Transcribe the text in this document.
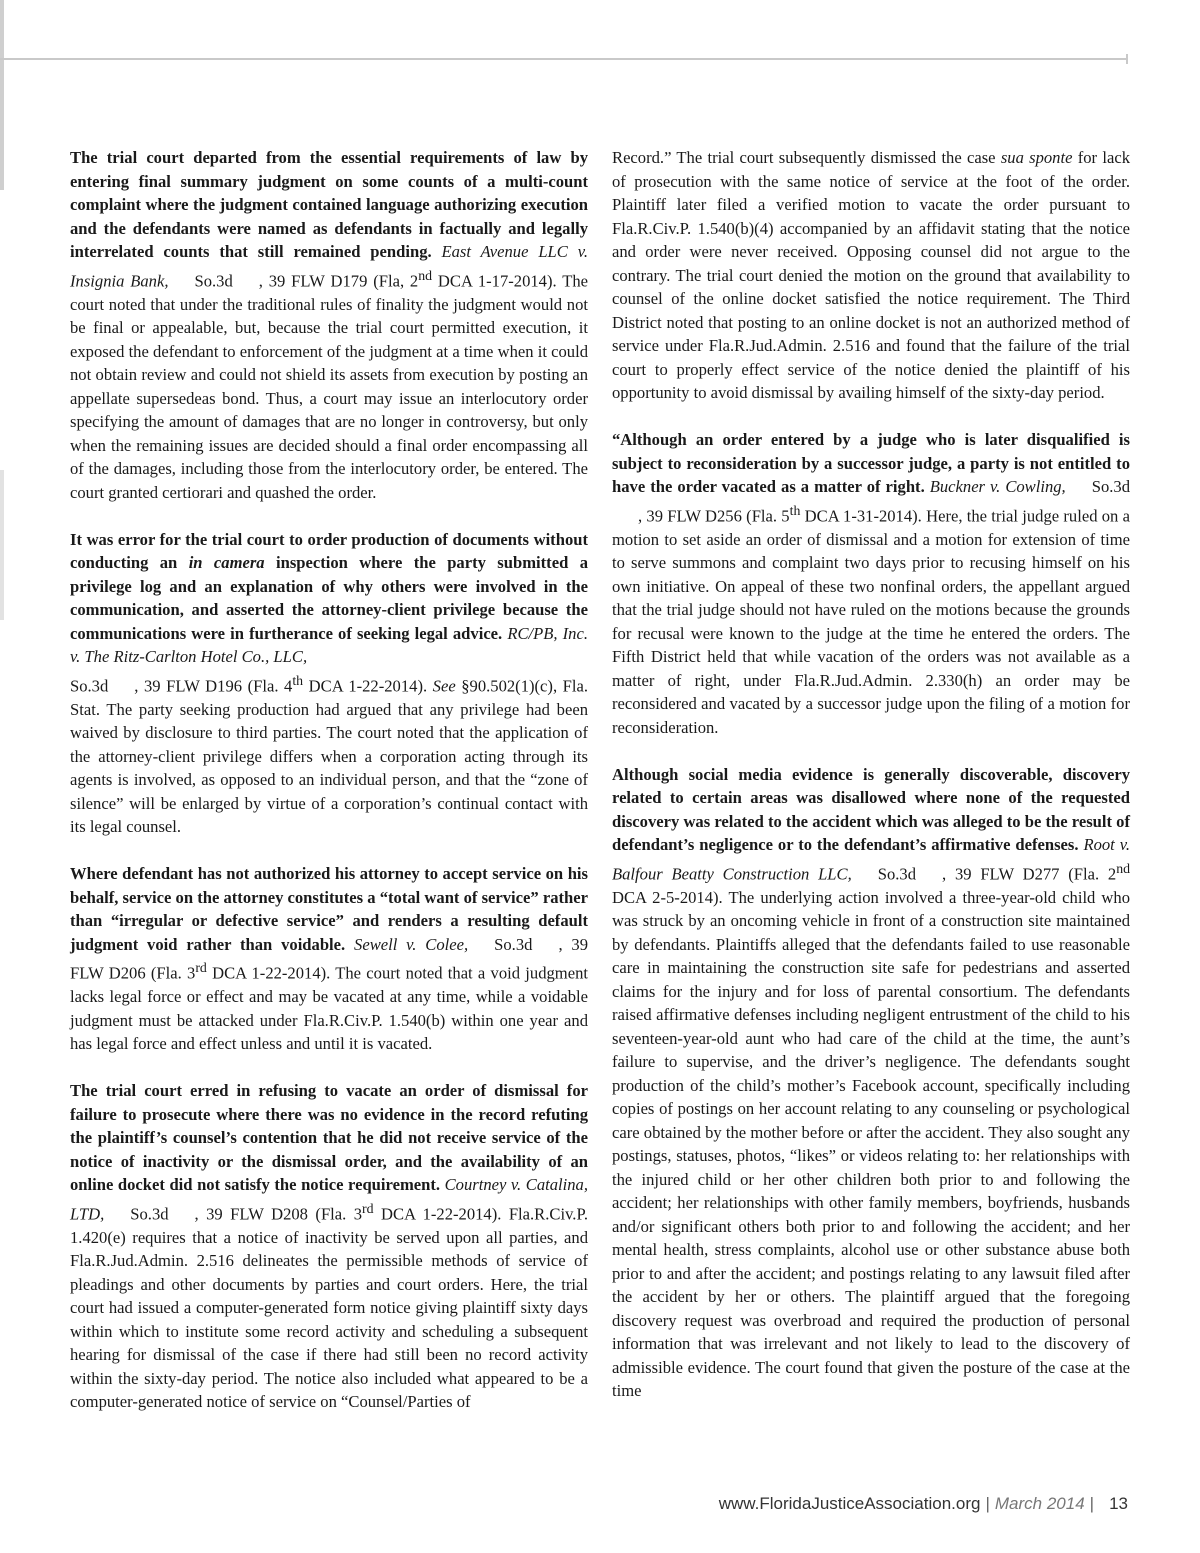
The trial court departed from the essential requirements of law by entering final summary judgment on some counts of a multi-count complaint where the judgment contained language authorizing execution and the defendants were named as defendants in factually and legally interrelated counts that still remained pending. East Avenue LLC v. Insignia Bank, So.3d , 39 FLW D179 (Fla, 2nd DCA 1-17-2014). The court noted that under the traditional rules of finality the judgment would not be final or appealable, but, because the trial court permitted execution, it exposed the defendant to enforcement of the judgment at a time when it could not obtain review and could not shield its assets from execution by posting an appellate supersedeas bond. Thus, a court may issue an interlocutory order specifying the amount of damages that are no longer in controversy, but only when the remaining issues are decided should a final order encompassing all of the damages, including those from the interlocutory order, be entered. The court granted certiorari and quashed the order.

It was error for the trial court to order production of documents without conducting an in camera inspection where the party submitted a privilege log and an explanation of why others were involved in the communication, and asserted the attorney-client privilege because the communications were in furtherance of seeking legal advice. RC/PB, Inc. v. The Ritz-Carlton Hotel Co., LLC,
So.3d , 39 FLW D196 (Fla. 4th DCA 1-22-2014). See §90.502(1)(c), Fla. Stat. The party seeking production had argued that any privilege had been waived by disclosure to third parties. The court noted that the application of the attorney-client privilege differs when a corporation acting through its agents is involved, as opposed to an individual person, and that the “zone of silence” will be enlarged by virtue of a corporation’s continual contact with its legal counsel.

Where defendant has not authorized his attorney to accept service on his behalf, service on the attorney constitutes a “total want of service” rather than “irregular or defective service” and renders a resulting default judgment void rather than voidable. Sewell v. Colee, So.3d , 39 FLW D206 (Fla. 3rd DCA 1-22-2014). The court noted that a void judgment lacks legal force or effect and may be vacated at any time, while a voidable judgment must be attacked under Fla.R.Civ.P. 1.540(b) within one year and has legal force and effect unless and until it is vacated.

The trial court erred in refusing to vacate an order of dismissal for failure to prosecute where there was no evidence in the record refuting the plaintiff’s counsel’s contention that he did not receive service of the notice of inactivity or the dismissal order, and the availability of an online docket did not satisfy the notice requirement. Courtney v. Catalina, LTD, So.3d , 39 FLW D208 (Fla. 3rd DCA 1-22-2014). Fla.R.Civ.P. 1.420(e) requires that a notice of inactivity be served upon all parties, and Fla.R.Jud.Admin. 2.516 delineates the permissible methods of service of pleadings and other documents by parties and court orders. Here, the trial court had issued a computer-generated form notice giving plaintiff sixty days within which to institute some record activity and scheduling a subsequent hearing for dismissal of the case if there had still been no record activity within the sixty-day period. The notice also included what appeared to be a computer-generated notice of service on “Counsel/Parties of

Record.” The trial court subsequently dismissed the case sua sponte for lack of prosecution with the same notice of service at the foot of the order. Plaintiff later filed a verified motion to vacate the order pursuant to Fla.R.Civ.P. 1.540(b)(4) accompanied by an affidavit stating that the notice and order were never received. Opposing counsel did not argue to the contrary. The trial court denied the motion on the ground that availability to counsel of the online docket satisfied the notice requirement. The Third District noted that posting to an online docket is not an authorized method of service under Fla.R.Jud.Admin. 2.516 and found that the failure of the trial court to properly effect service of the notice denied the plaintiff of his opportunity to avoid dismissal by availing himself of the sixty-day period.

“Although an order entered by a judge who is later disqualified is subject to reconsideration by a successor judge, a party is not entitled to have the order vacated as a matter of right. Buckner v. Cowling, So.3d, 39 FLW D256 (Fla. 5th DCA 1-31-2014). Here, the trial judge ruled on a motion to set aside an order of dismissal and a motion for extension of time to serve summons and complaint two days prior to recusing himself on his own initiative. On appeal of these two nonfinal orders, the appellant argued that the trial judge should not have ruled on the motions because the grounds for recusal were known to the judge at the time he entered the orders. The Fifth District held that while vacation of the orders was not available as a matter of right, under Fla.R.Jud.Admin. 2.330(h) an order may be reconsidered and vacated by a successor judge upon the filing of a motion for reconsideration.

Although social media evidence is generally discoverable, discovery related to certain areas was disallowed where none of the requested discovery was related to the accident which was alleged to be the result of defendant’s negligence or to the defendant’s affirmative defenses. Root v. Balfour Beatty Construction LLC, So.3d , 39 FLW D277 (Fla. 2nd DCA 2-5-2014). The underlying action involved a three-year-old child who was struck by an oncoming vehicle in front of a construction site maintained by defendants. Plaintiffs alleged that the defendants failed to use reasonable care in maintaining the construction site safe for pedestrians and asserted claims for the injury and for loss of parental consortium. The defendants raised affirmative defenses including negligent entrustment of the child to his seventeen-year-old aunt who had care of the child at the time, the aunt’s failure to supervise, and the driver’s negligence. The defendants sought production of the child’s mother’s Facebook account, specifically including copies of postings on her account relating to any counseling or psychological care obtained by the mother before or after the accident. They also sought any postings, statuses, photos, “likes” or videos relating to: her relationships with the injured child or her other children both prior to and following the accident; her relationships with other family members, boyfriends, husbands and/or significant others both prior to and following the accident; and her mental health, stress complaints, alcohol use or other substance abuse both prior to and after the accident; and postings relating to any lawsuit filed after the accident by her or others. The plaintiff argued that the foregoing discovery request was overbroad and required the production of personal information that was irrelevant and not likely to lead to the discovery of admissible evidence. The court found that given the posture of the case at the time

www.FloridaJusticeAssociation.org | March 2014 | 13
